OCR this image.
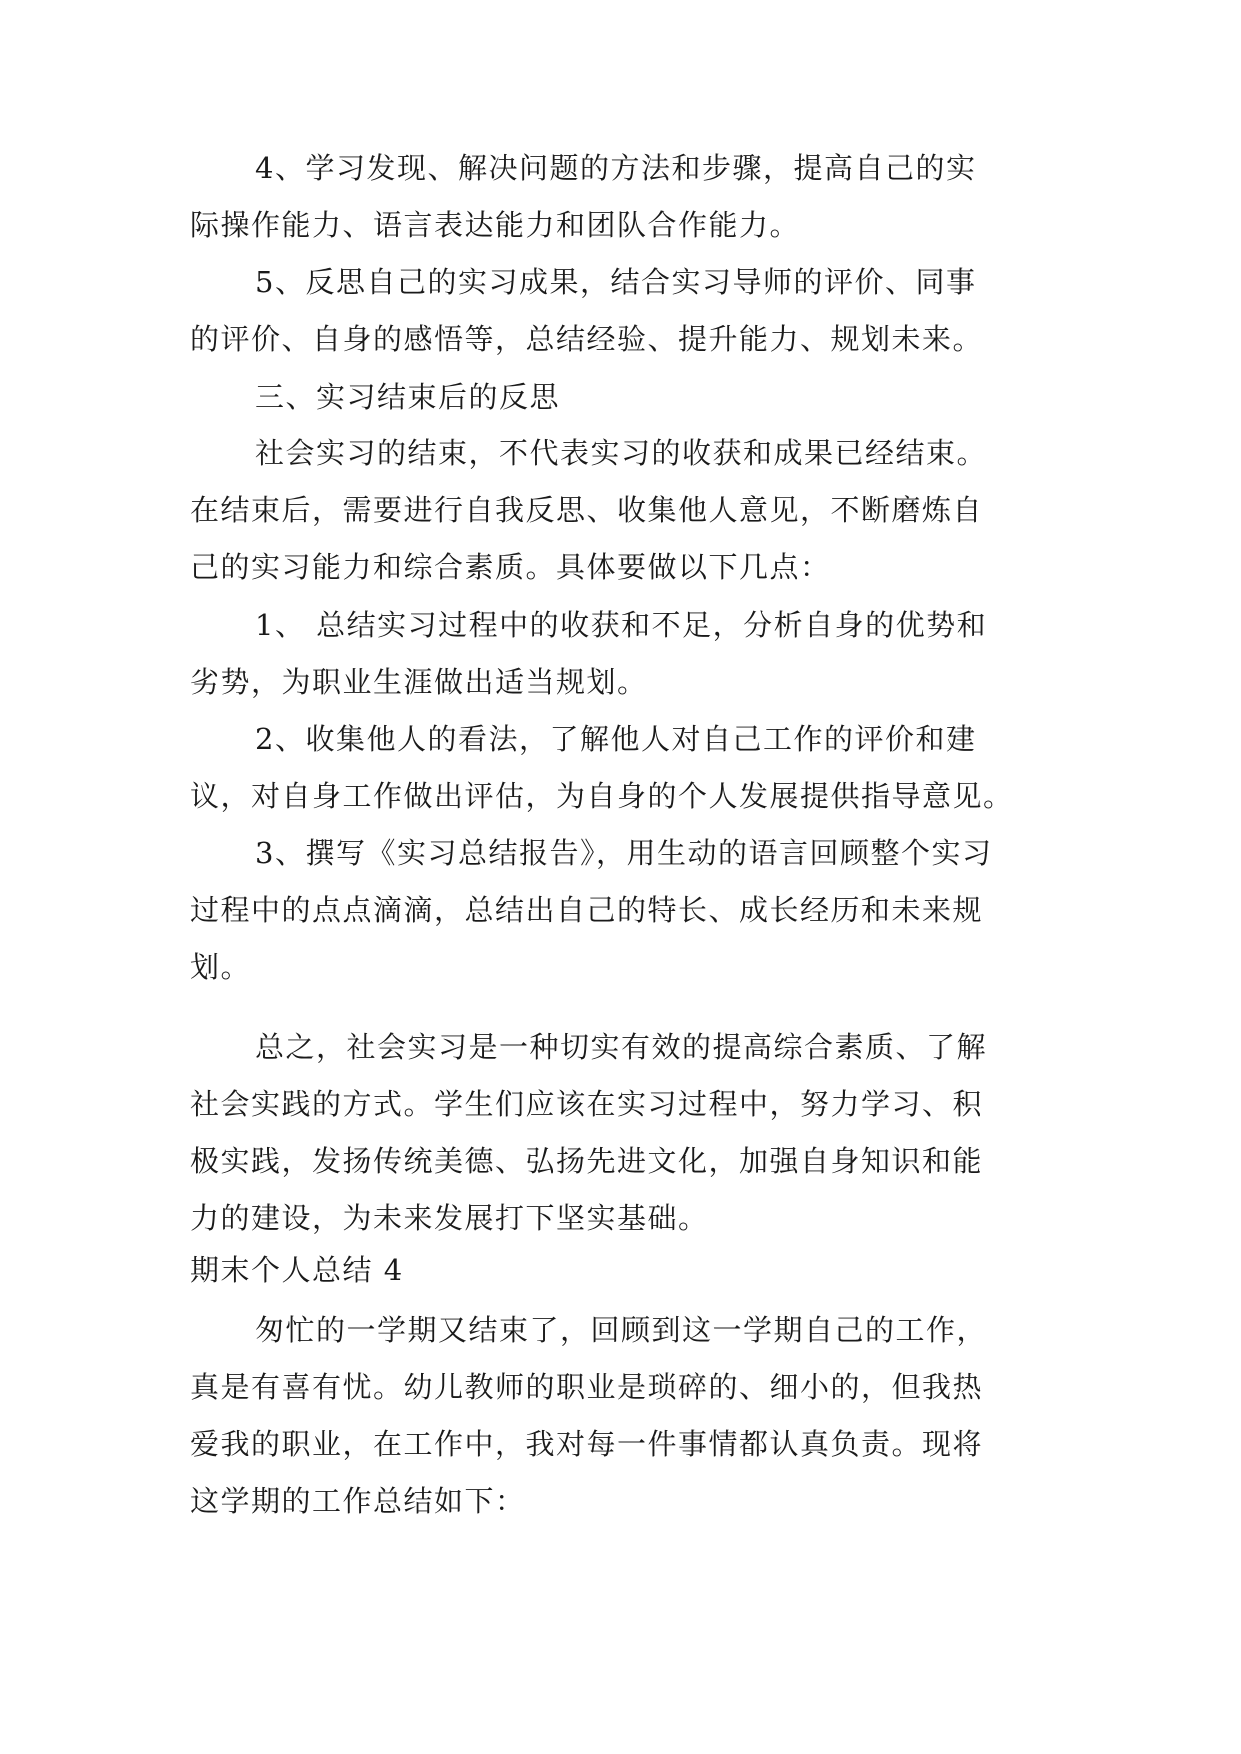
4、学习发现、解决问题的方法和步骤，提高自己的实

际操作能力、语言表达能力和团队合作能力。

5、反思自己的实习成果，结合实习导师的评价、同事

的评价、自身的感悟等，总结经验、提升能力、规划未来。

三、实习结束后的反思

社会实习的结束，不代表实习的收获和成果已经结束。

在结束后，需要进行自我反思、收集他人意见，不断磨炼自

己的实习能力和综合素质。具体要做以下几点：

1、 总结实习过程中的收获和不足，分析自身的优势和

劣势，为职业生涯做出适当规划。

2、收集他人的看法，了解他人对自己工作的评价和建

议，对自身工作做出评估，为自身的个人发展提供指导意见。

3、撰写《实习总结报告》，用生动的语言回顾整个实习

过程中的点点滴滴，总结出自己的特长、成长经历和未来规

划。

总之，社会实习是一种切实有效的提高综合素质、了解

社会实践的方式。学生们应该在实习过程中，努力学习、积

极实践，发扬传统美德、弘扬先进文化，加强自身知识和能

力的建设，为未来发展打下坚实基础。

期末个人总结 4

匆忙的一学期又结束了，回顾到这一学期自己的工作，

真是有喜有忧。幼儿教师的职业是琐碎的、细小的，但我热

爱我的职业，在工作中，我对每一件事情都认真负责。现将

这学期的工作总结如下：
